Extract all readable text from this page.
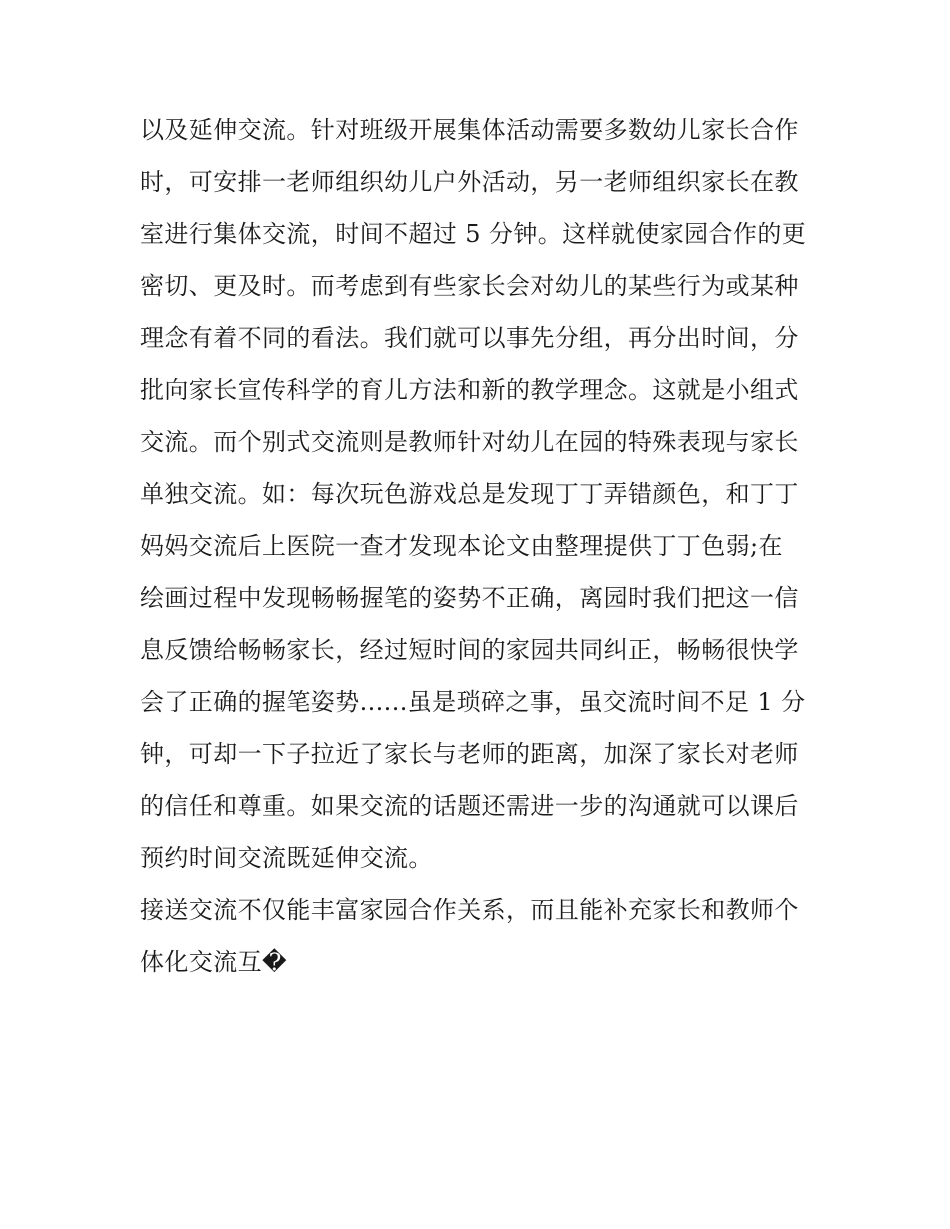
以及延伸交流。针对班级开展集体活动需要多数幼儿家长合作
时，可安排一老师组织幼儿户外活动，另一老师组织家长在教
室进行集体交流，时间不超过 5 分钟。这样就使家园合作的更
密切、更及时。而考虑到有些家长会对幼儿的某些行为或某种
理念有着不同的看法。我们就可以事先分组，再分出时间，分
批向家长宣传科学的育儿方法和新的教学理念。这就是小组式
交流。而个别式交流则是教师针对幼儿在园的特殊表现与家长
单独交流。如：每次玩色游戏总是发现丁丁弄错颜色，和丁丁
妈妈交流后上医院一查才发现本论文由整理提供丁丁色弱;在
绘画过程中发现畅畅握笔的姿势不正确，离园时我们把这一信
息反馈给畅畅家长，经过短时间的家园共同纠正，畅畅很快学
会了正确的握笔姿势......虽是琐碎之事，虽交流时间不足 1 分
钟，可却一下子拉近了家长与老师的距离，加深了家长对老师
的信任和尊重。如果交流的话题还需进一步的沟通就可以课后
预约时间交流既延伸交流。
接送交流不仅能丰富家园合作关系，而且能补充家长和教师个
体化交流互�
